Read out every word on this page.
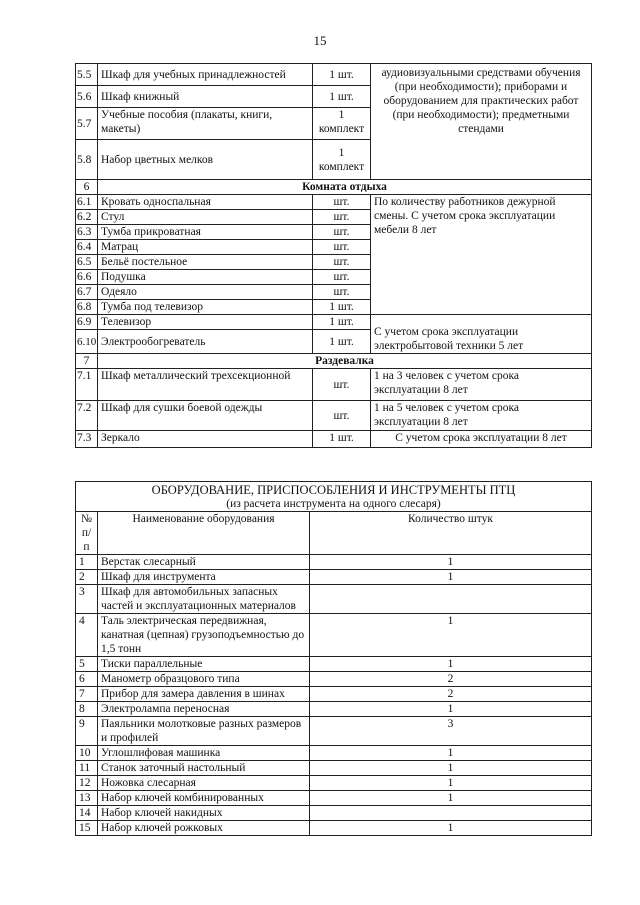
15
5.5	Шкаф для учебных принадлежностей	1 шт.	аудиовизуальными средствами обучения (при необходимости); приборами и оборудованием для практических работ (при необходимости); предметными стендами
5.6	Шкаф книжный	1 шт.	
5.7	Учебные пособия (плакаты, книги, макеты)	1 комплект	
5.8	Набор цветных мелков	1 комплект	
6	Комната отдыха		
6.1	Кровать односпальная	шт.	По количеству работников дежурной смены. С учетом срока эксплуатации мебели 8 лет
6.2	Стул	шт.	
6.3	Тумба прикроватная	шт.	
6.4	Матрац	шт.	
6.5	Бельё постельное	шт.	
6.6	Подушка	шт.	
6.7	Одеяло	шт.	
6.8	Тумба под телевизор	1 шт.	
6.9	Телевизор	1 шт.	С учетом срока эксплуатации электробытовой техники 5 лет
6.10	Электрообогреватель	1 шт.	
7	Раздевалка		
7.1	Шкаф металлический трехсекционной	шт.	1 на 3 человек с учетом срока эксплуатации 8 лет
7.2	Шкаф для сушки боевой одежды	шт.	1 на 5 человек с учетом срока эксплуатации 8 лет
7.3	Зеркало	1 шт.	С учетом срока эксплуатации 8 лет
ОБОРУДОВАНИЕ, ПРИСПОСОБЛЕНИЯ И ИНСТРУМЕНТЫ ПТЦ
(из расчета инструмента на одного слесаря)		

№ п/п	Наименование оборудования	Количество штук
1	Верстак слесарный	1
2	Шкаф для инструмента	1
3	Шкаф для автомобильных запасных частей и эксплуатационных материалов	
4	Таль электрическая передвижная, канатная (цепная) грузоподъемностью до 1,5 тонн	1
5	Тиски параллельные	1
6	Манометр образцового типа	2
7	Прибор для замера давления в шинах	2
8	Электролампа переносная	1
9	Паяльники молотковые разных размеров и профилей	3
10	Углошлифовая машинка	1
11	Станок заточный настольный	1
12	Ножовка слесарная	1
13	Набор ключей комбинированных	1
14	Набор ключей накидных	
15	Набор ключей рожковых	1
